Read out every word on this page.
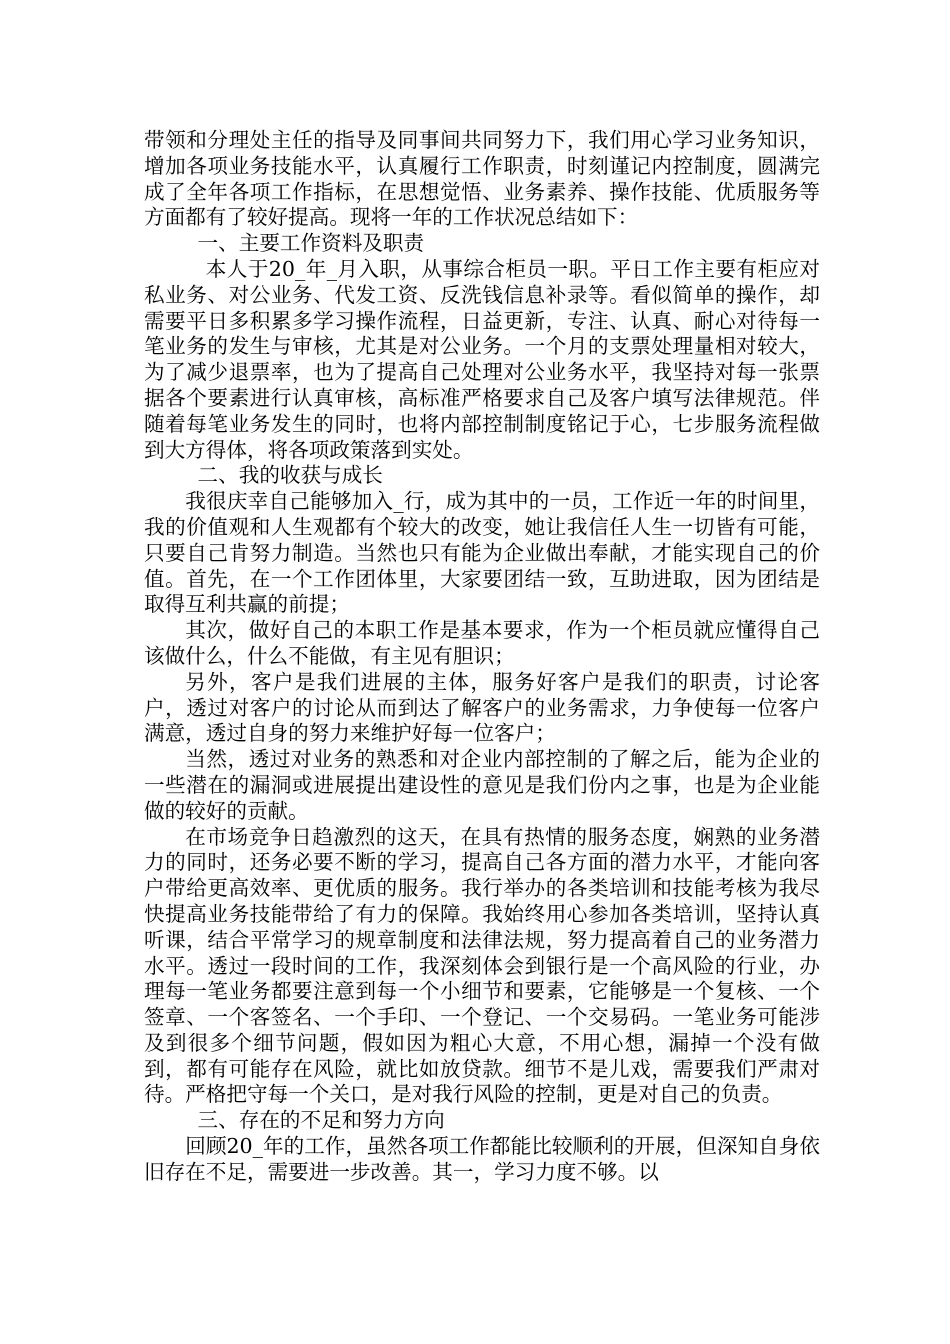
带领和分理处主任的指导及同事间共同努力下，我们用心学习业务知识，增加各项业务技能水平，认真履行工作职责，时刻谨记内控制度，圆满完成了全年各项工作指标，在思想觉悟、业务素养、操作技能、优质服务等方面都有了较好提高。现将一年的工作状况总结如下：

一、主要工作资料及职责

本人于20_年_月入职，从事综合柜员一职。平日工作主要有柜应对私业务、对公业务、代发工资、反洗钱信息补录等。看似简单的操作，却需要平日多积累多学习操作流程，日益更新，专注、认真、耐心对待每一笔业务的发生与审核，尤其是对公业务。一个月的支票处理量相对较大，为了减少退票率，也为了提高自己处理对公业务水平，我坚持对每一张票据各个要素进行认真审核，高标准严格要求自己及客户填写法律规范。伴随着每笔业务发生的同时，也将内部控制制度铭记于心，七步服务流程做到大方得体，将各项政策落到实处。

二、我的收获与成长

我很庆幸自己能够加入_行，成为其中的一员，工作近一年的时间里，我的价值观和人生观都有个较大的改变，她让我信任人生一切皆有可能，只要自己肯努力制造。当然也只有能为企业做出奉献，才能实现自己的价值。首先，在一个工作团体里，大家要团结一致，互助进取，因为团结是取得互利共赢的前提；

其次，做好自己的本职工作是基本要求，作为一个柜员就应懂得自己该做什么，什么不能做，有主见有胆识；

另外，客户是我们进展的主体，服务好客户是我们的职责，讨论客户，透过对客户的讨论从而到达了解客户的业务需求，力争使每一位客户满意，透过自身的努力来维护好每一位客户；

当然，透过对业务的熟悉和对企业内部控制的了解之后，能为企业的一些潜在的漏洞或进展提出建设性的意见是我们份内之事，也是为企业能做的较好的贡献。

在市场竞争日趋激烈的这天，在具有热情的服务态度，娴熟的业务潜力的同时，还务必要不断的学习，提高自己各方面的潜力水平，才能向客户带给更高效率、更优质的服务。我行举办的各类培训和技能考核为我尽快提高业务技能带给了有力的保障。我始终用心参加各类培训，坚持认真听课，结合平常学习的规章制度和法律法规，努力提高着自己的业务潜力水平。透过一段时间的工作，我深刻体会到银行是一个高风险的行业，办理每一笔业务都要注意到每一个小细节和要素，它能够是一个复核、一个签章、一个客签名、一个手印、一个登记、一个交易码。一笔业务可能涉及到很多个细节问题，假如因为粗心大意，不用心想，漏掉一个没有做到，都有可能存在风险，就比如放贷款。细节不是儿戏，需要我们严肃对待。严格把守每一个关口，是对我行风险的控制，更是对自己的负责。

三、存在的不足和努力方向

回顾20_年的工作，虽然各项工作都能比较顺利的开展，但深知自身依旧存在不足，需要进一步改善。其一，学习力度不够。以
